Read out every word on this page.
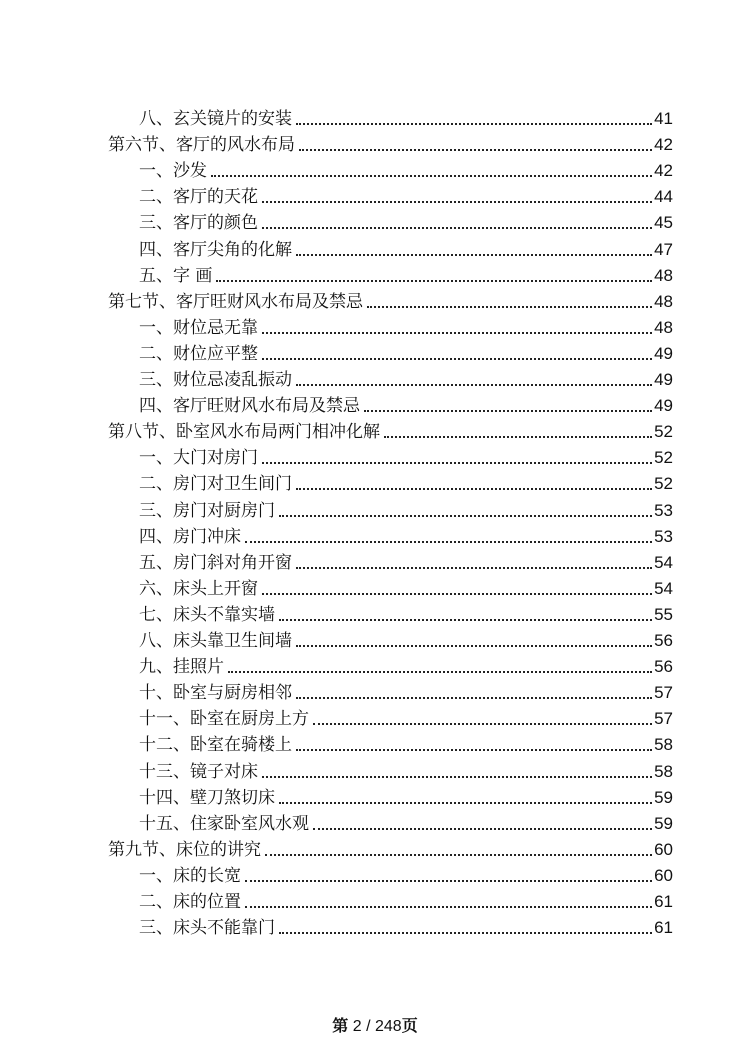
八、玄关镜片的安装	41
第六节、客厅的风水布局	42
一、沙发	42
二、客厅的天花	44
三、客厅的颜色	45
四、客厅尖角的化解	47
五、字 画	48
第七节、客厅旺财风水布局及禁忌	48
一、财位忌无靠	48
二、财位应平整	49
三、财位忌凌乱振动	49
四、客厅旺财风水布局及禁忌	49
第八节、卧室风水布局两门相冲化解	52
一、大门对房门	52
二、房门对卫生间门	52
三、房门对厨房门	53
四、房门冲床	53
五、房门斜对角开窗	54
六、床头上开窗	54
七、床头不靠实墙	55
八、床头靠卫生间墙	56
九、挂照片	56
十、卧室与厨房相邻	57
十一、卧室在厨房上方	57
十二、卧室在骑楼上	58
十三、镜子对床	58
十四、壁刀煞切床	59
十五、住家卧室风水观	59
第九节、床位的讲究	60
一、床的长宽	60
二、床的位置	61
三、床头不能靠门	61
第 2 / 248页
